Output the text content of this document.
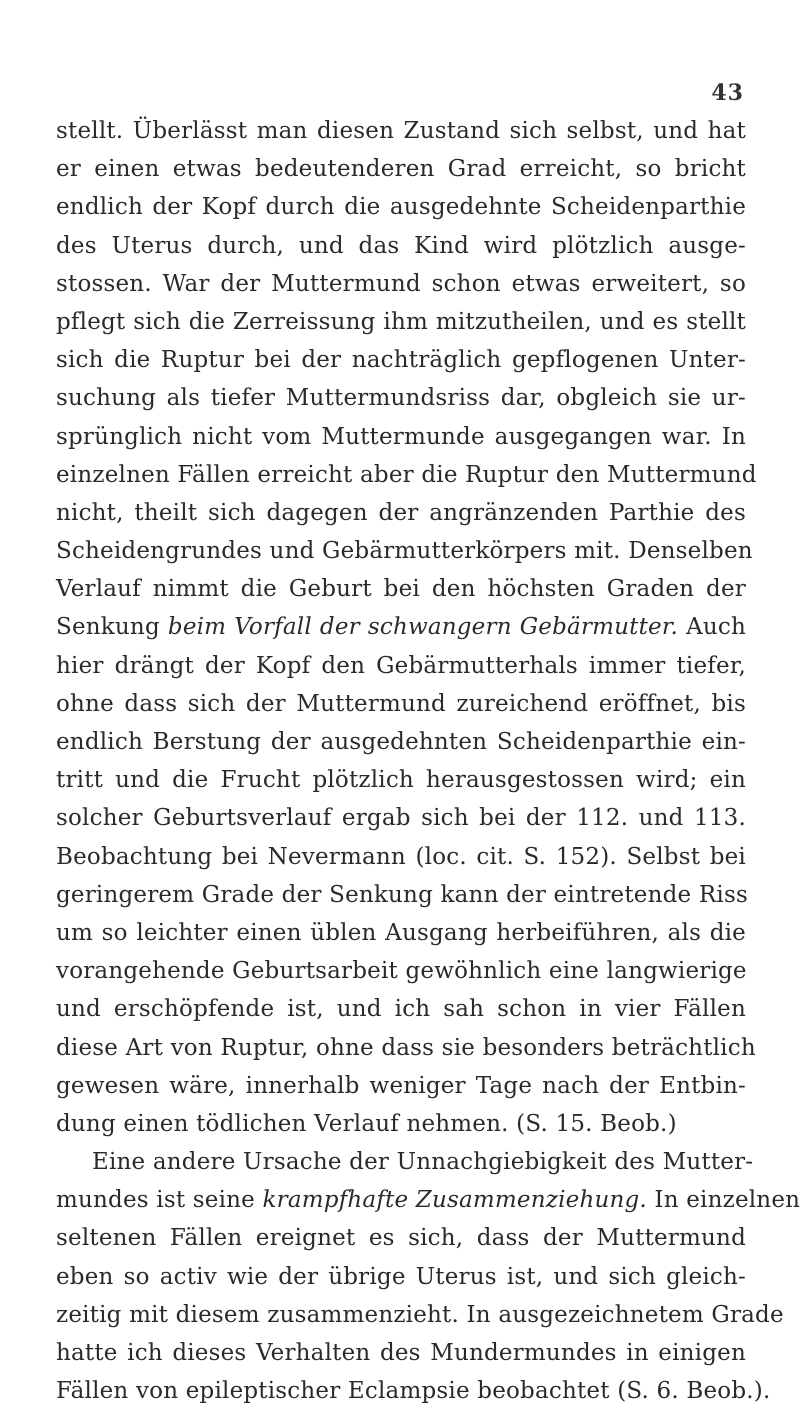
43
stellt. Überlässt man diesen Zustand sich selbst, und hat
er einen etwas bedeutenderen Grad erreicht, so bricht
endlich der Kopf durch die ausgedehnte Scheidenparthie
des Uterus durch, und das Kind wird plötzlich ausge-
stossen. War der Muttermund schon etwas erweitert, so
pflegt sich die Zerreissung ihm mitzutheilen, und es stellt
sich die Ruptur bei der nachträglich gepflogenen Unter-
suchung als tiefer Muttermundsriss dar, obgleich sie ur-
sprünglich nicht vom Muttermunde ausgegangen war. In
einzelnen Fällen erreicht aber die Ruptur den Muttermund
nicht, theilt sich dagegen der angränzenden Parthie des
Scheidengrundes und Gebärmutterkörpers mit. Denselben
Verlauf nimmt die Geburt bei den höchsten Graden der
Senkung beim Vorfall der schwangern Gebärmutter. Auch
hier drängt der Kopf den Gebärmutterhals immer tiefer,
ohne dass sich der Muttermund zureichend eröffnet, bis
endlich Berstung der ausgedehnten Scheidenparthie ein-
tritt und die Frucht plötzlich herausgestossen wird; ein
solcher Geburtsverlauf ergab sich bei der 112. und 113.
Beobachtung bei Nevermann (loc. cit. S. 152). Selbst bei
geringerem Grade der Senkung kann der eintretende Riss
um so leichter einen üblen Ausgang herbeiführen, als die
vorangehende Geburtsarbeit gewöhnlich eine langwierige
und erschöpfende ist, und ich sah schon in vier Fällen
diese Art von Ruptur, ohne dass sie besonders beträchtlich
gewesen wäre, innerhalb weniger Tage nach der Entbin-
dung einen tödlichen Verlauf nehmen. (S. 15. Beob.)
Eine andere Ursache der Unnachgiebigkeit des Mutter-
mundes ist seine krampfhafte Zusammenziehung. In einzelnen
seltenen Fällen ereignet es sich, dass der Muttermund
eben so activ wie der übrige Uterus ist, und sich gleich-
zeitig mit diesem zusammenzieht. In ausgezeichnetem Grade
hatte ich dieses Verhalten des Mundermundes in einigen
Fällen von epileptischer Eclampsie beobachtet (S. 6. Beob.).
